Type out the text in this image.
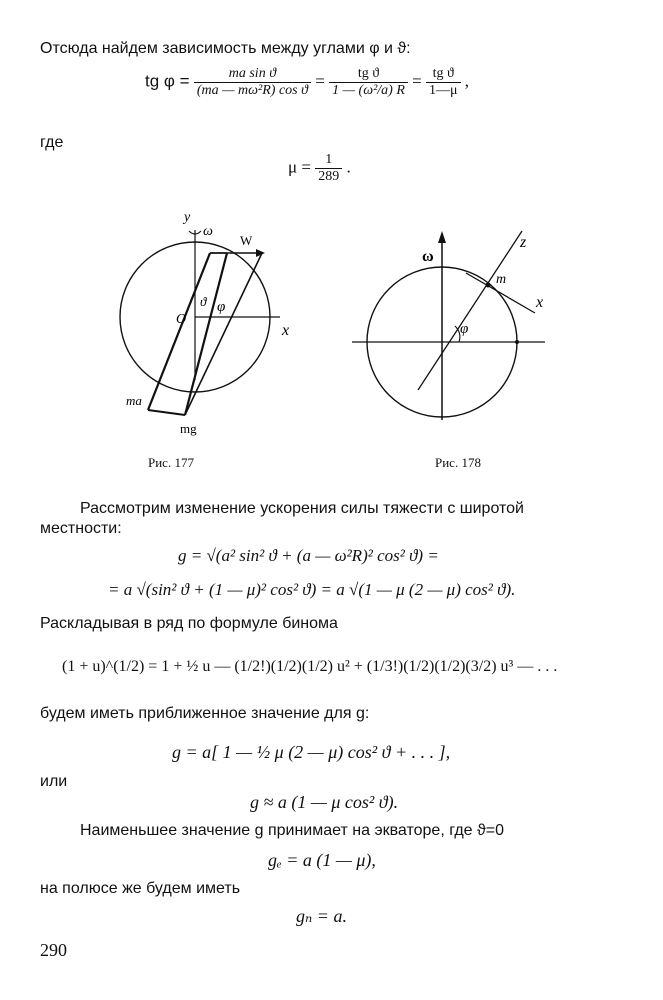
Отсюда найдем зависимость между углами φ и ϑ:
tg $\varphi = \frac{\text{ma sin ϑ}}{\text{(ma — mω²R) cos ϑ}} = \frac{\text{tg ϑ}}{\text{1 — (ω²/a) R}} = \frac{\text{tg ϑ}}{1—\mu}$ ,
где
$\mu = \frac{1}{289}$ .
y
ω
W
O
ϑ φ
x
ma
mg
ω
z
m
x
φ
Рис. 177	Рис. 178
Рассмотрим изменение ускорения силы тяжести с широтой
местности:
g = √(a² sin² ϑ + (a — ω²R)² cos² ϑ) =
= a √(sin² ϑ + (1 — μ)² cos² ϑ) = a √(1 — μ (2 — μ) cos² ϑ).
Раскладывая в ряд по формуле бинома
(1 + u)^(1/2) = 1 + ½ u — (1/2!)(1/2)(1/2) u² + (1/3!)(1/2)(1/2)(3/2) u³ — . . .
будем иметь приближенное значение для g:
g = a[ 1 — ½ μ (2 — μ) cos² ϑ + . . . ],
или
g ≈ a (1 — μ cos² ϑ).
Наименьшее значение g принимает на экваторе, где ϑ=0
gₑ = a (1 — μ),
на полюсе же будем иметь
gₙ = a.
290
